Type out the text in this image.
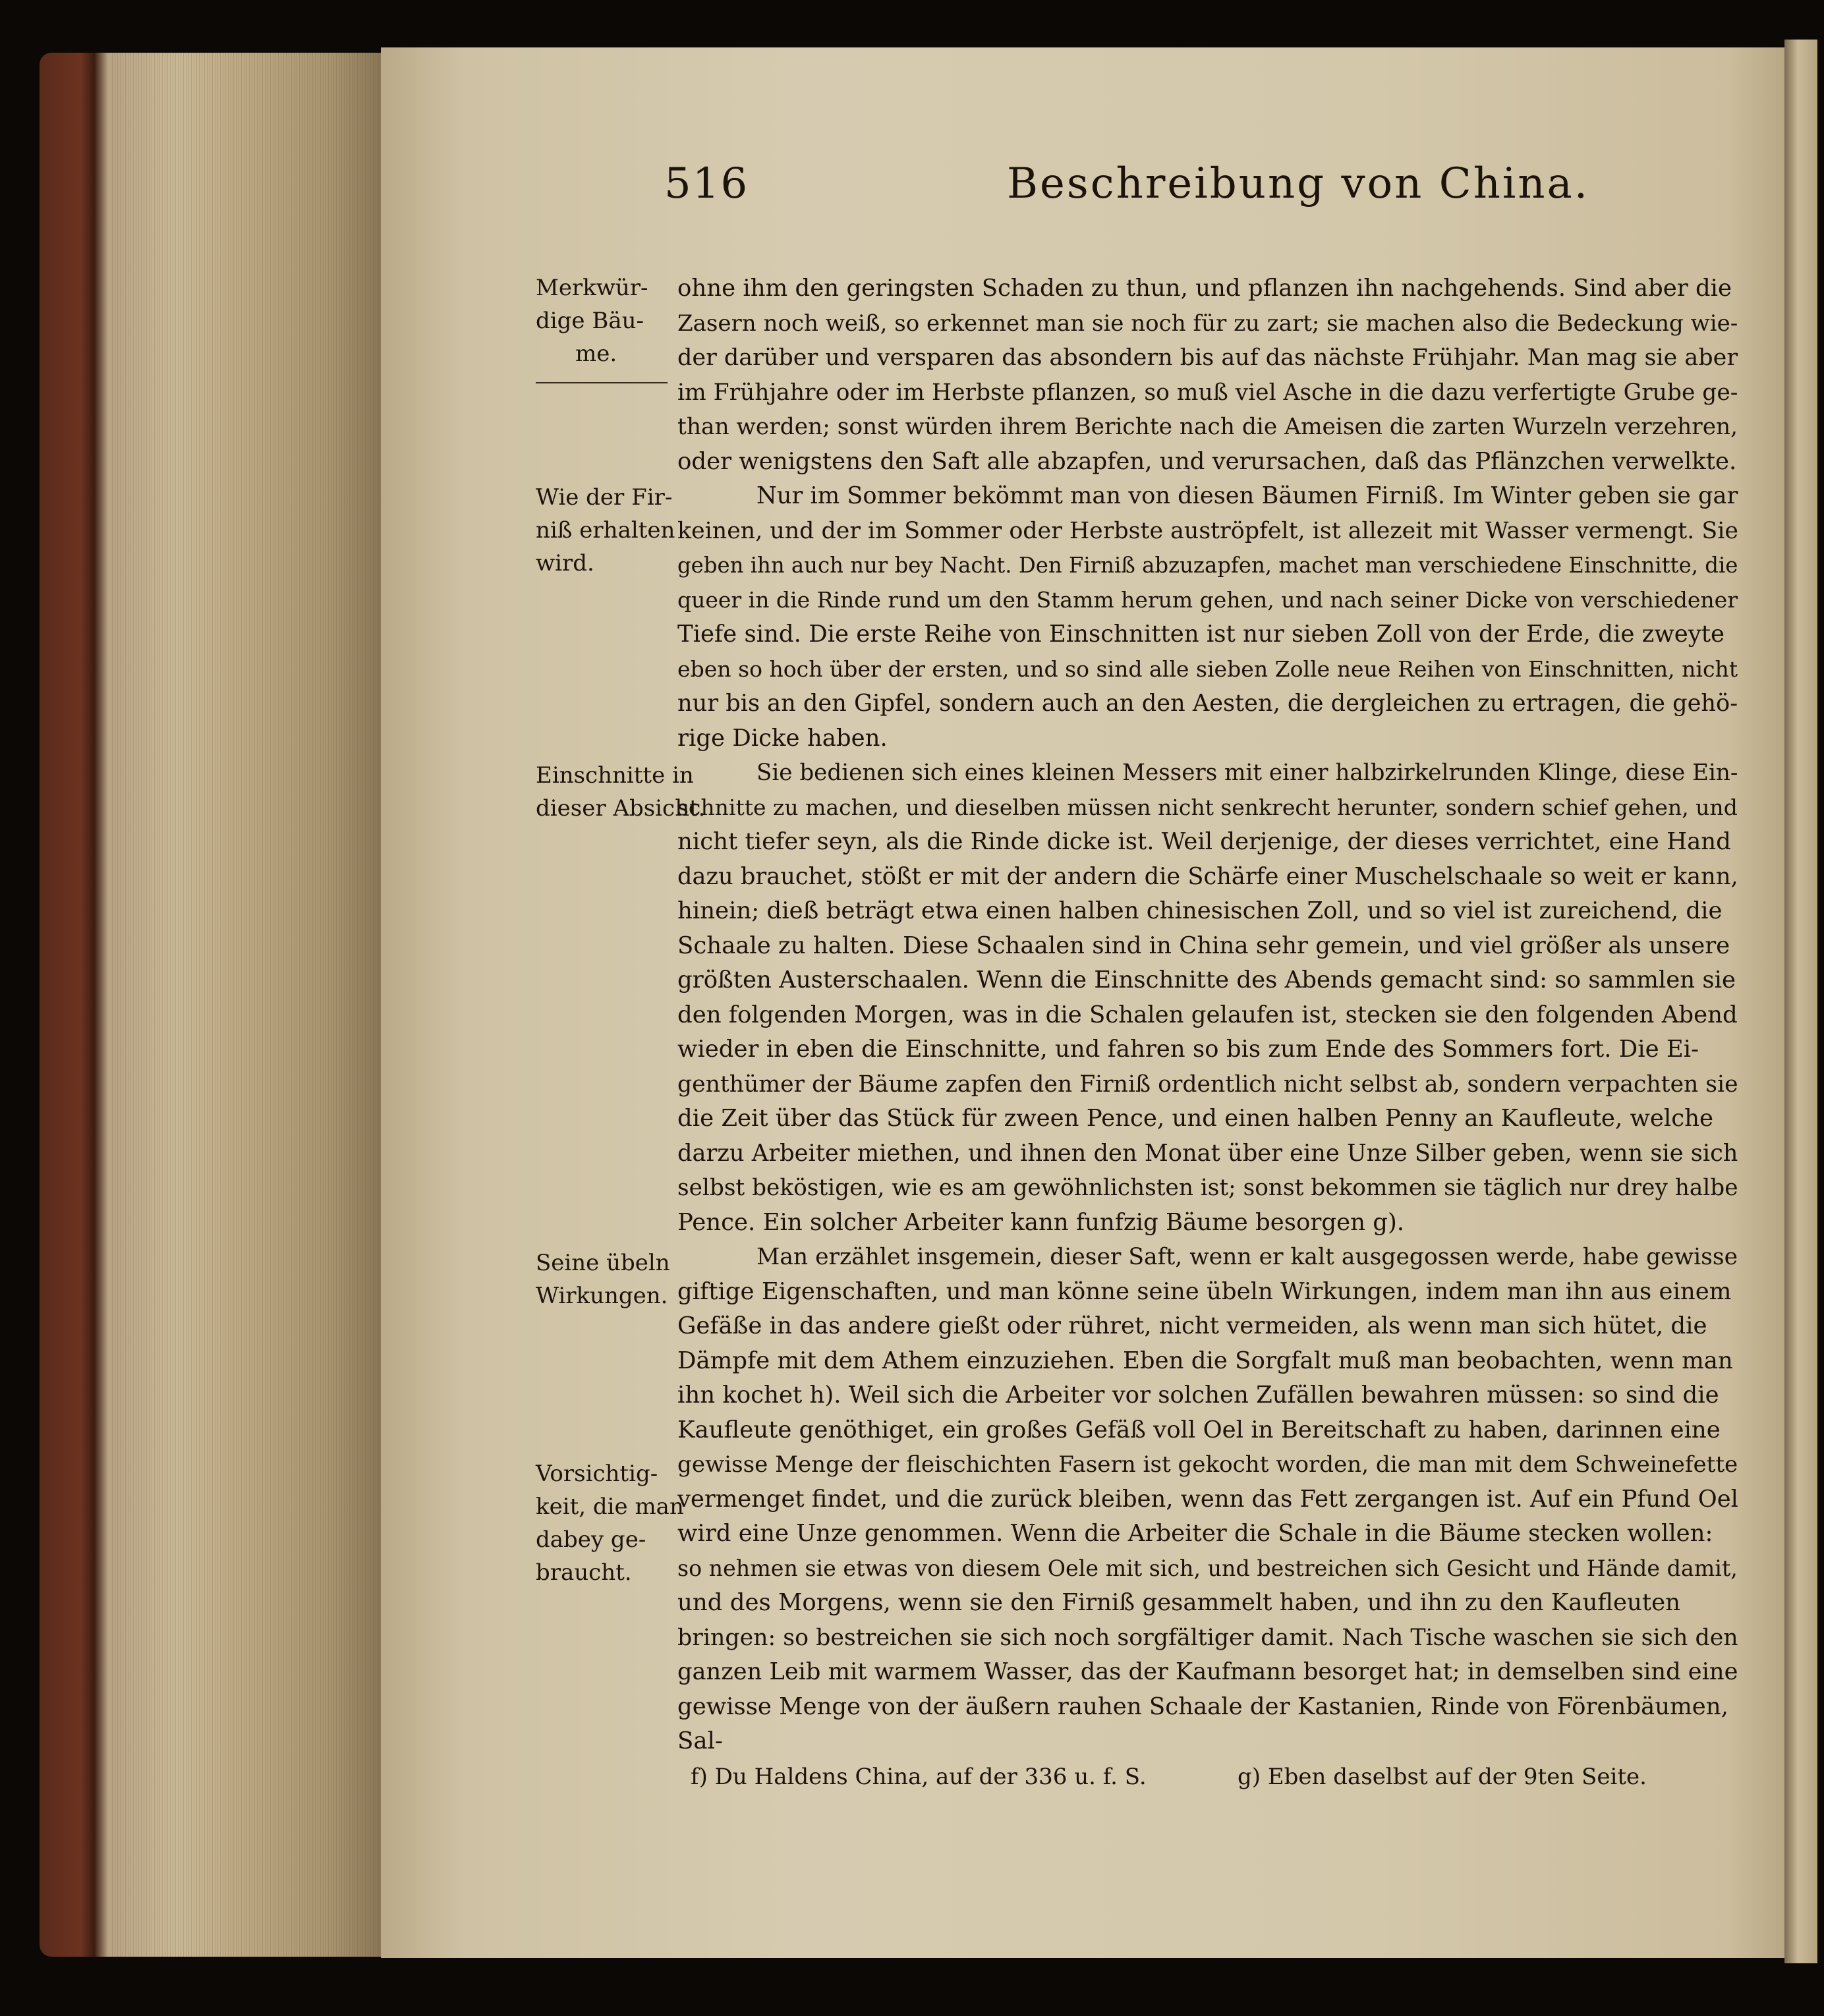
516	Beschreibung von China.
Merkwür-
dige Bäu-
me.
Wie der Fir-
niß erhalten
wird.
Einschnitte in
dieser Absicht.
Seine übeln
Wirkungen.
Vorsichtig-
keit, die man
dabey ge-
braucht.
ohne ihm den geringsten Schaden zu thun, und pflanzen ihn nachgehends. Sind aber die
Zasern noch weiß, so erkennet man sie noch für zu zart; sie machen also die Bedeckung wie-
der darüber und versparen das absondern bis auf das nächste Frühjahr. Man mag sie aber
im Frühjahre oder im Herbste pflanzen, so muß viel Asche in die dazu verfertigte Grube ge-
than werden; sonst würden ihrem Berichte nach die Ameisen die zarten Wurzeln verzehren,
oder wenigstens den Saft alle abzapfen, und verursachen, daß das Pflänzchen verwelkte.
Nur im Sommer bekömmt man von diesen Bäumen Firniß. Im Winter geben sie gar
keinen, und der im Sommer oder Herbste auströpfelt, ist allezeit mit Wasser vermengt. Sie
geben ihn auch nur bey Nacht. Den Firniß abzuzapfen, machet man verschiedene Einschnitte, die
queer in die Rinde rund um den Stamm herum gehen, und nach seiner Dicke von verschiedener
Tiefe sind. Die erste Reihe von Einschnitten ist nur sieben Zoll von der Erde, die zweyte
eben so hoch über der ersten, und so sind alle sieben Zolle neue Reihen von Einschnitten, nicht
nur bis an den Gipfel, sondern auch an den Aesten, die dergleichen zu ertragen, die gehö-
rige Dicke haben.
Sie bedienen sich eines kleinen Messers mit einer halbzirkelrunden Klinge, diese Ein-
schnitte zu machen, und dieselben müssen nicht senkrecht herunter, sondern schief gehen, und
nicht tiefer seyn, als die Rinde dicke ist. Weil derjenige, der dieses verrichtet, eine Hand
dazu brauchet, stößt er mit der andern die Schärfe einer Muschelschaale so weit er kann,
hinein; dieß beträgt etwa einen halben chinesischen Zoll, und so viel ist zureichend, die
Schaale zu halten. Diese Schaalen sind in China sehr gemein, und viel größer als unsere
größten Austerschaalen. Wenn die Einschnitte des Abends gemacht sind: so sammlen sie
den folgenden Morgen, was in die Schalen gelaufen ist, stecken sie den folgenden Abend
wieder in eben die Einschnitte, und fahren so bis zum Ende des Sommers fort. Die Ei-
genthümer der Bäume zapfen den Firniß ordentlich nicht selbst ab, sondern verpachten sie
die Zeit über das Stück für zween Pence, und einen halben Penny an Kaufleute, welche
darzu Arbeiter miethen, und ihnen den Monat über eine Unze Silber geben, wenn sie sich
selbst beköstigen, wie es am gewöhnlichsten ist; sonst bekommen sie täglich nur drey halbe
Pence. Ein solcher Arbeiter kann funfzig Bäume besorgen g).
Man erzählet insgemein, dieser Saft, wenn er kalt ausgegossen werde, habe gewisse
giftige Eigenschaften, und man könne seine übeln Wirkungen, indem man ihn aus einem
Gefäße in das andere gießt oder rühret, nicht vermeiden, als wenn man sich hütet, die
Dämpfe mit dem Athem einzuziehen. Eben die Sorgfalt muß man beobachten, wenn man
ihn kochet h). Weil sich die Arbeiter vor solchen Zufällen bewahren müssen: so sind die
Kaufleute genöthiget, ein großes Gefäß voll Oel in Bereitschaft zu haben, darinnen eine
gewisse Menge der fleischichten Fasern ist gekocht worden, die man mit dem Schweinefette
vermenget findet, und die zurück bleiben, wenn das Fett zergangen ist. Auf ein Pfund Oel
wird eine Unze genommen. Wenn die Arbeiter die Schale in die Bäume stecken wollen:
so nehmen sie etwas von diesem Oele mit sich, und bestreichen sich Gesicht und Hände damit,
und des Morgens, wenn sie den Firniß gesammelt haben, und ihn zu den Kaufleuten
bringen: so bestreichen sie sich noch sorgfältiger damit. Nach Tische waschen sie sich den
ganzen Leib mit warmem Wasser, das der Kaufmann besorget hat; in demselben sind eine
gewisse Menge von der äußern rauhen Schaale der Kastanien, Rinde von Förenbäumen,
Sal-
f) Du Haldens China, auf der 336 u. f. S.	g) Eben daselbst auf der 9ten Seite.
